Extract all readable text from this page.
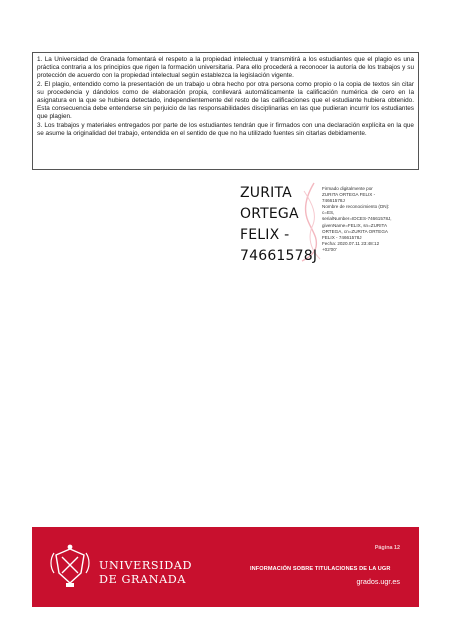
1. La Universidad de Granada fomentará el respeto a la propiedad intelectual y transmitirá a los estudiantes que el plagio es una práctica contraria a los principios que rigen la formación universitaria. Para ello procederá a reconocer la autoría de los trabajos y su protección de acuerdo con la propiedad intelectual según establezca la legislación vigente.

2. El plagio, entendido como la presentación de un trabajo u obra hecho por otra persona como propio o la copia de textos sin citar su procedencia y dándolos como de elaboración propia, conllevará automáticamente la calificación numérica de cero en la asignatura en la que se hubiera detectado, independientemente del resto de las calificaciones que el estudiante hubiera obtenido. Esta consecuencia debe entenderse sin perjuicio de las responsabilidades disciplinarias en las que pudieran incurrir los estudiantes que plagien.

3. Los trabajos y materiales entregados por parte de los estudiantes tendrán que ir firmados con una declaración explícita en la que se asume la originalidad del trabajo, entendida en el sentido de que no ha utilizado fuentes sin citarlas debidamente.

ZURITA
ORTEGA
FELIX -
74661578J
Firmado digitalmente por
ZURITA ORTEGA FELIX -
74661578J
Nombre de reconocimiento (DN):
c=ES,
serialNumber=IDCES-74661578J,
givenName=FELIX, sn=ZURITA
ORTEGA, cn=ZURITA ORTEGA
FELIX - 74661578J
Fecha: 2020.07.11 23:48:12
+02'00'
UNIVERSIDAD
DE GRANADA
Página 12
INFORMACIÓN SOBRE TITULACIONES DE LA UGR
grados.ugr.es
